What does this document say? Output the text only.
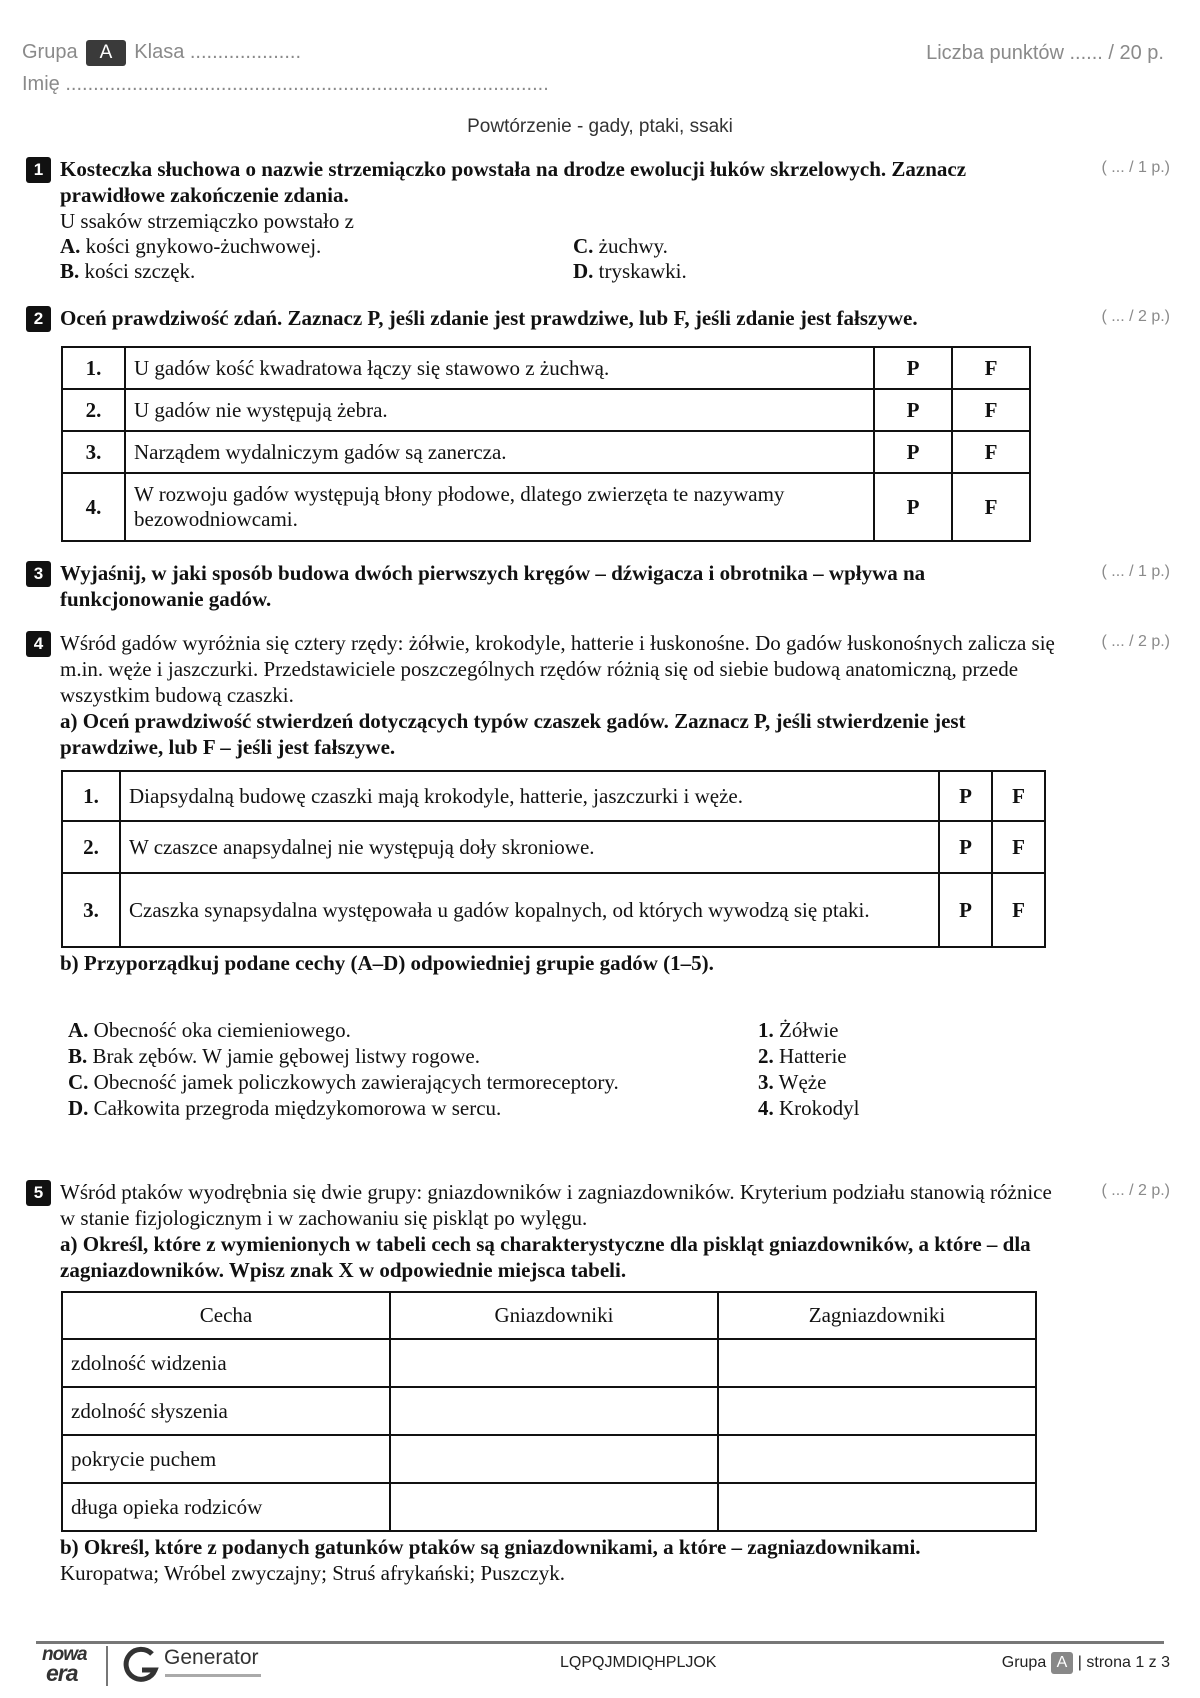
Grupa A Klasa ....................
Imię .......................................................................................
Liczba punktów ...... / 20 p.
Powtórzenie - gady, ptaki, ssaki
1	( ... / 1 p.)
Kosteczka słuchowa o nazwie strzemiączko powstała na drodze ewolucji łuków skrzelowych. Zaznacz prawidłowe zakończenie zdania.
U ssaków strzemiączko powstało z
A. kości gnykowo-żuchwowej.
B. kości szczęk.
C. żuchwy.
D. tryskawki.
2	( ... / 2 p.)
Oceń prawdziwość zdań. Zaznacz P, jeśli zdanie jest prawdziwe, lub F, jeśli zdanie jest fałszywe.
1.	U gadów kość kwadratowa łączy się stawowo z żuchwą.	P	F
2.	U gadów nie występują żebra.	P	F
3.	Narządem wydalniczym gadów są zanercza.	P	F
4.	W rozwoju gadów występują błony płodowe, dlatego zwierzęta te nazywamy bezowodniowcami.	P	F
3	( ... / 1 p.)
Wyjaśnij, w jaki sposób budowa dwóch pierwszych kręgów – dźwigacza i obrotnika – wpływa na funkcjonowanie gadów.
4	( ... / 2 p.)
Wśród gadów wyróżnia się cztery rzędy: żółwie, krokodyle, hatterie i łuskonośne. Do gadów łuskonośnych zalicza się m.in. węże i jaszczurki. Przedstawiciele poszczególnych rzędów różnią się od siebie budową anatomiczną, przede wszystkim budową czaszki.
a) Oceń prawdziwość stwierdzeń dotyczących typów czaszek gadów. Zaznacz P, jeśli stwierdzenie jest prawdziwe, lub F – jeśli jest fałszywe.
1.	Diapsydalną budowę czaszki mają krokodyle, hatterie, jaszczurki i węże.	P	F
2.	W czaszce anapsydalnej nie występują doły skroniowe.	P	F
3.	Czaszka synapsydalna występowała u gadów kopalnych, od których wywodzą się ptaki.	P	F
b) Przyporządkuj podane cechy (A–D) odpowiedniej grupie gadów (1–5).
A. Obecność oka ciemieniowego.
B. Brak zębów. W jamie gębowej listwy rogowe.
C. Obecność jamek policzkowych zawierających termoreceptory.
D. Całkowita przegroda międzykomorowa w sercu.
1. Żółwie
2. Hatterie
3. Węże
4. Krokodyl
5	( ... / 2 p.)
Wśród ptaków wyodrębnia się dwie grupy: gniazdowników i zagniazdowników. Kryterium podziału stanowią różnice w stanie fizjologicznym i w zachowaniu się piskląt po wylęgu.
a) Określ, które z wymienionych w tabeli cech są charakterystyczne dla piskląt gniazdowników, a które – dla zagniazdowników. Wpisz znak X w odpowiednie miejsca tabeli.
Cecha	Gniazdowniki	Zagniazdowniki
zdolność widzenia		
zdolność słyszenia		
pokrycie puchem		
długa opieka rodziców		
b) Określ, które z podanych gatunków ptaków są gniazdownikami, a które – zagniazdownikami.
Kuropatwa; Wróbel zwyczajny; Struś afrykański; Puszczyk.
nowa
era
Generator	LQPQJMDIQHPLJOK	Grupa A | strona 1 z 3
